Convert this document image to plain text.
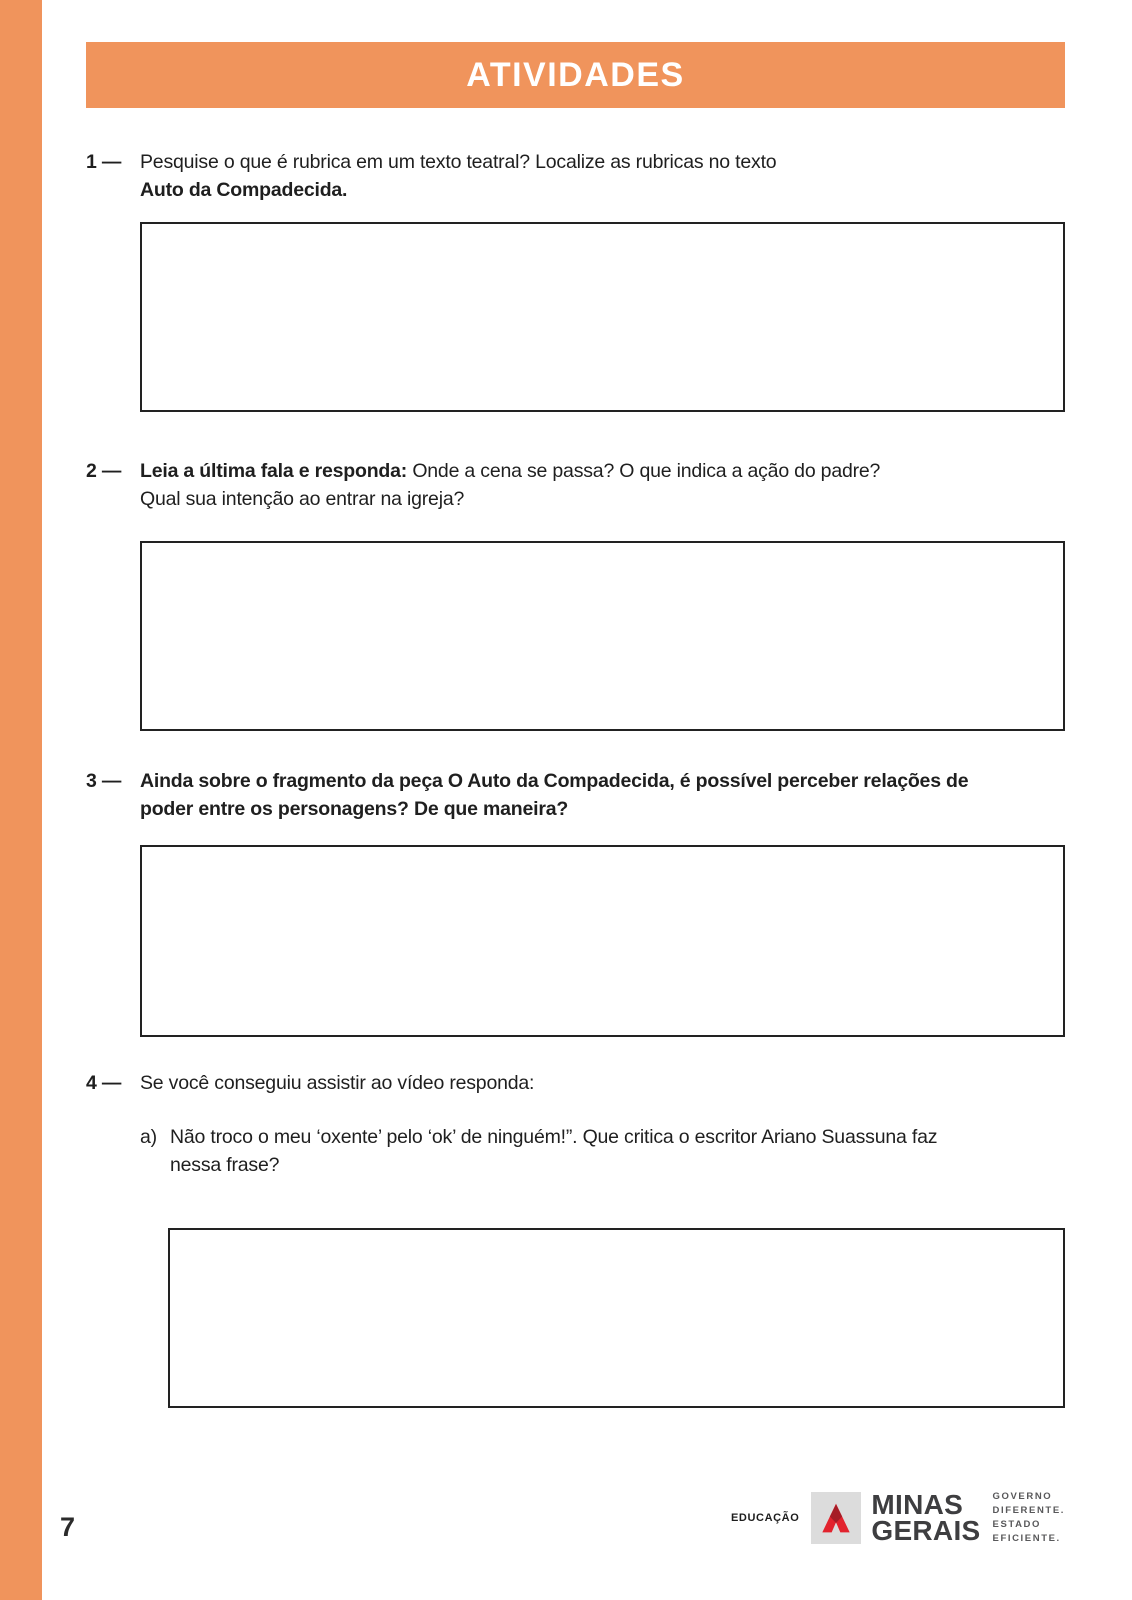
ATIVIDADES
1 — Pesquise o que é rubrica em um texto teatral? Localize as rubricas no texto
Auto da Compadecida.
2 — Leia a última fala e responda: Onde a cena se passa? O que indica a ação do padre?
Qual sua intenção ao entrar na igreja?
3 — Ainda sobre o fragmento da peça O Auto da Compadecida, é possível perceber relações de
poder entre os personagens? De que maneira?
4 — Se você conseguiu assistir ao vídeo responda:
a) Não troco o meu ‘oxente’ pelo ‘ok’ de ninguém!”. Que critica o escritor Ariano Suassuna faz
nessa frase?
7	EDUCAÇÃO	MINAS
GERAIS
GOVERNO
DIFERENTE.
ESTADO
EFICIENTE.
